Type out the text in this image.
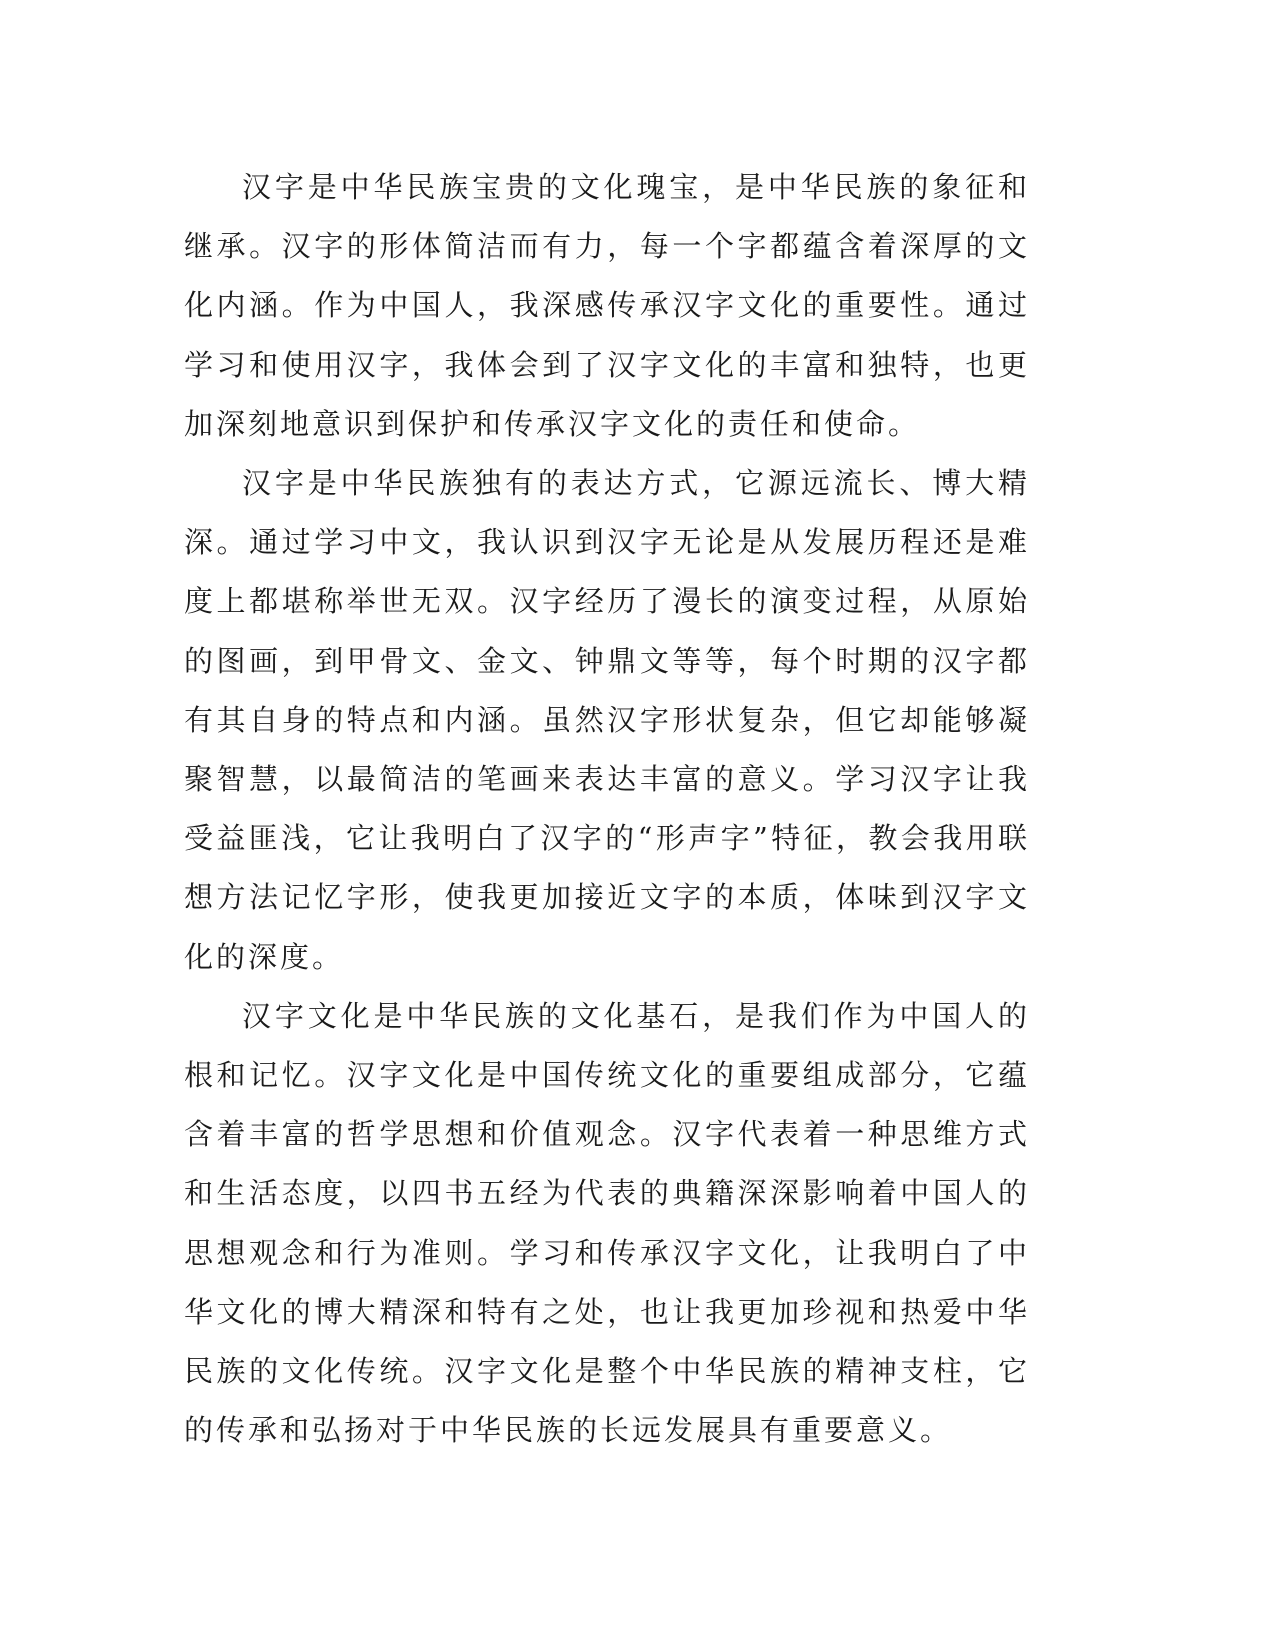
汉字是中华民族宝贵的文化瑰宝，是中华民族的象征和继承。汉字的形体简洁而有力，每一个字都蕴含着深厚的文化内涵。作为中国人，我深感传承汉字文化的重要性。通过学习和使用汉字，我体会到了汉字文化的丰富和独特，也更加深刻地意识到保护和传承汉字文化的责任和使命。

汉字是中华民族独有的表达方式，它源远流长、博大精深。通过学习中文，我认识到汉字无论是从发展历程还是难度上都堪称举世无双。汉字经历了漫长的演变过程，从原始的图画，到甲骨文、金文、钟鼎文等等，每个时期的汉字都有其自身的特点和内涵。虽然汉字形状复杂，但它却能够凝聚智慧，以最简洁的笔画来表达丰富的意义。学习汉字让我受益匪浅，它让我明白了汉字的“形声字”特征，教会我用联想方法记忆字形，使我更加接近文字的本质，体味到汉字文化的深度。

汉字文化是中华民族的文化基石，是我们作为中国人的根和记忆。汉字文化是中国传统文化的重要组成部分，它蕴含着丰富的哲学思想和价值观念。汉字代表着一种思维方式和生活态度，以四书五经为代表的典籍深深影响着中国人的思想观念和行为准则。学习和传承汉字文化，让我明白了中华文化的博大精深和特有之处，也让我更加珍视和热爱中华民族的文化传统。汉字文化是整个中华民族的精神支柱，它的传承和弘扬对于中华民族的长远发展具有重要意义。
